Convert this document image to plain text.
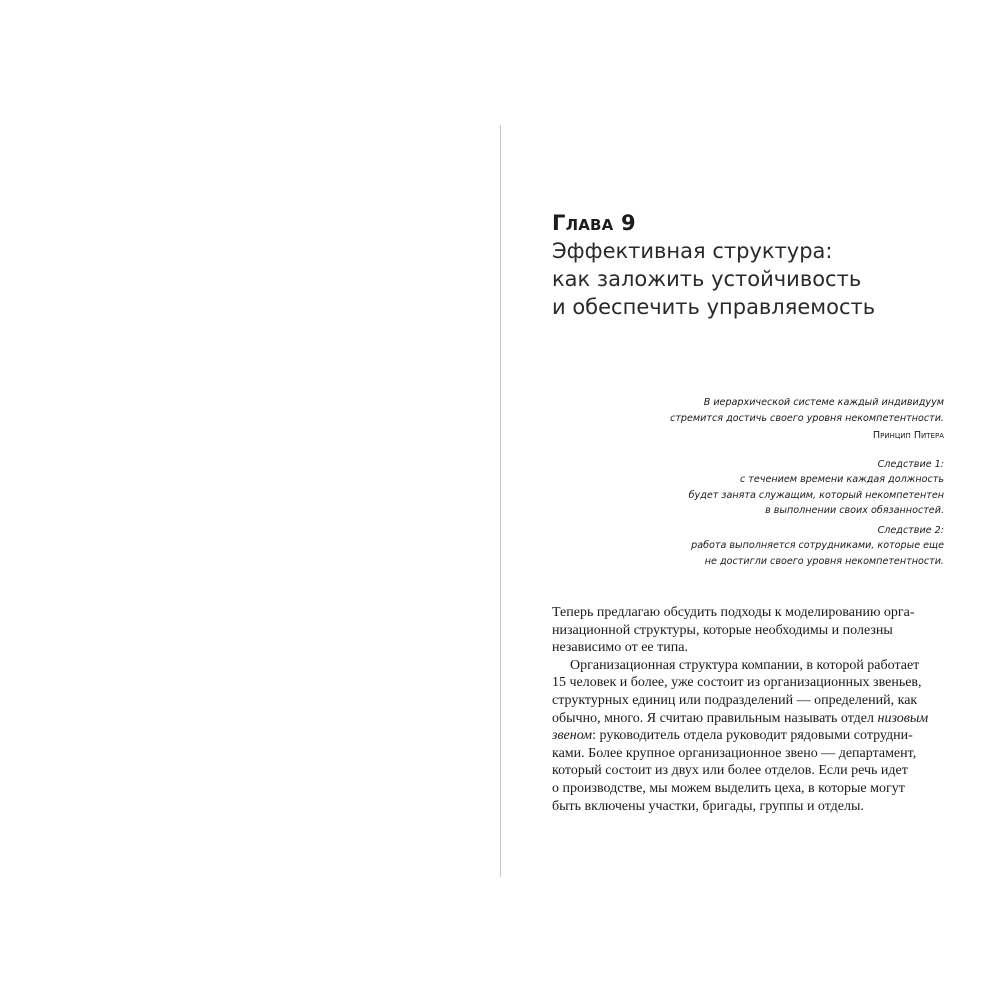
Глава 9
Эффективная структура:
как заложить устойчивость
и обеспечить управляемость
В иерархической системе каждый индивидуум
стремится достичь своего уровня некомпетентности.
Принцип Питера
Следствие 1:
с течением времени каждая должность
будет занята служащим, который некомпетентен
в выполнении своих обязанностей.
Следствие 2:
работа выполняется сотрудниками, которые еще
не достигли своего уровня некомпетентности.
Теперь предлагаю обсудить подходы к моделированию орга-
низационной структуры, которые необходимы и полезны
независимо от ее типа.
Организационная структура компании, в которой работает
15 человек и более, уже состоит из организационных звеньев,
структурных единиц или подразделений — определений, как
обычно, много. Я считаю правильным называть отдел низовым
звеном: руководитель отдела руководит рядовыми сотрудни-
ками. Более крупное организационное звено — департамент,
который состоит из двух или более отделов. Если речь идет
о производстве, мы можем выделить цеха, в которые могут
быть включены участки, бригады, группы и отделы.
